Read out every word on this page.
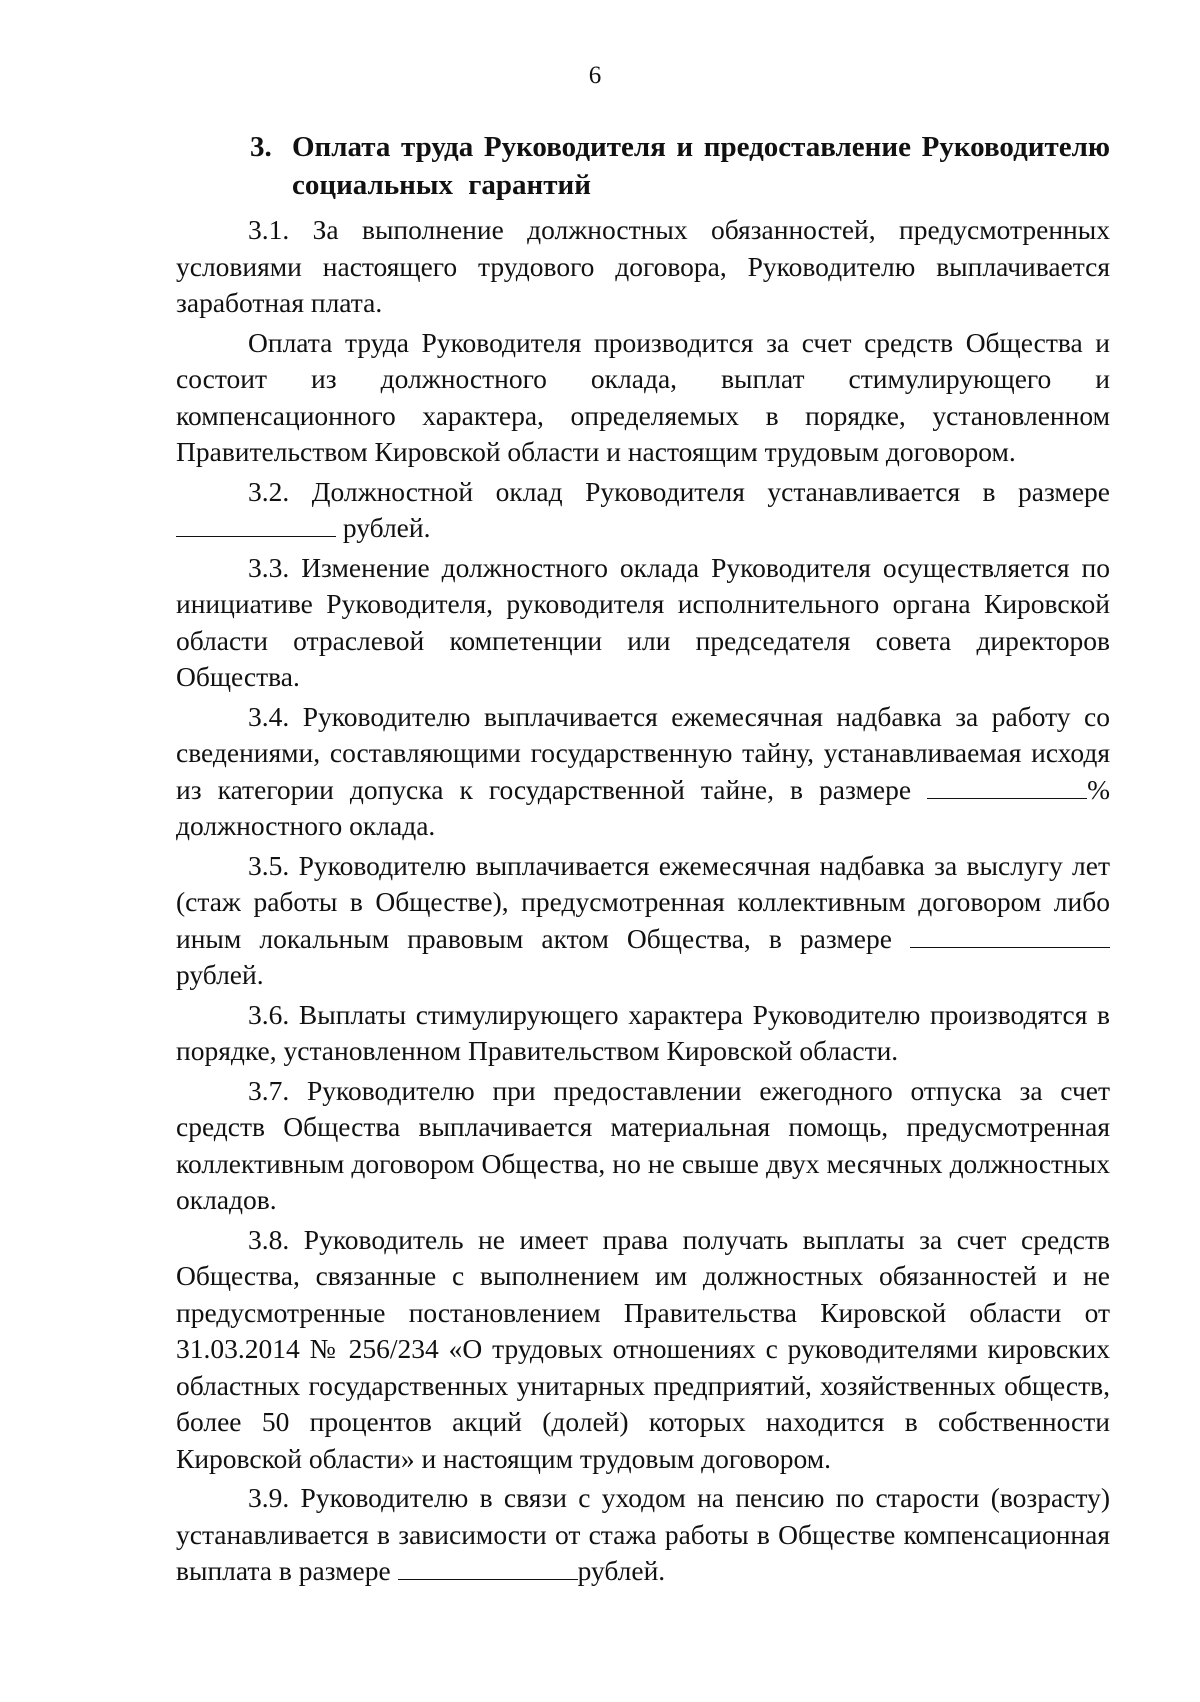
6
3. Оплата труда Руководителя и предоставление Руководителю
социальных гарантий

3.1. За выполнение должностных обязанностей, предусмотренных условиями настоящего трудового договора, Руководителю выплачивается заработная плата.

Оплата труда Руководителя производится за счет средств Общества и состоит из должностного оклада, выплат стимулирующего и компенсационного характера, определяемых в порядке, установленном Правительством Кировской области и настоящим трудовым договором.

3.2. Должностной оклад Руководителя устанавливается в размере  рублей.

3.3. Изменение должностного оклада Руководителя осуществляется по инициативе Руководителя, руководителя исполнительного органа Кировской области отраслевой компетенции или председателя совета директоров Общества.

3.4. Руководителю выплачивается ежемесячная надбавка за работу со сведениями, составляющими государственную тайну, устанавливаемая исходя из категории допуска к государственной тайне, в размере	% должностного оклада.

3.5. Руководителю выплачивается ежемесячная надбавка за выслугу лет (стаж работы в Обществе), предусмотренная коллективным договором либо иным локальным правовым актом Общества, в размере  рублей.

3.6. Выплаты стимулирующего характера Руководителю производятся в порядке, установленном Правительством Кировской области.

3.7. Руководителю при предоставлении ежегодного отпуска за счет средств Общества выплачивается материальная помощь, предусмотренная коллективным договором Общества, но не свыше двух месячных должностных окладов.

3.8. Руководитель не имеет права получать выплаты за счет средств Общества, связанные с выполнением им должностных обязанностей и не предусмотренные постановлением Правительства Кировской области от 31.03.2014 № 256/234 «О трудовых отношениях с руководителями кировских областных государственных унитарных предприятий, хозяйственных обществ, более 50 процентов акций (долей) которых находится в собственности Кировской области» и настоящим трудовым договором.

3.9. Руководителю в связи с уходом на пенсию по старости (возрасту) устанавливается в зависимости от стажа работы в Обществе компенсационная выплата в размере	рублей.
